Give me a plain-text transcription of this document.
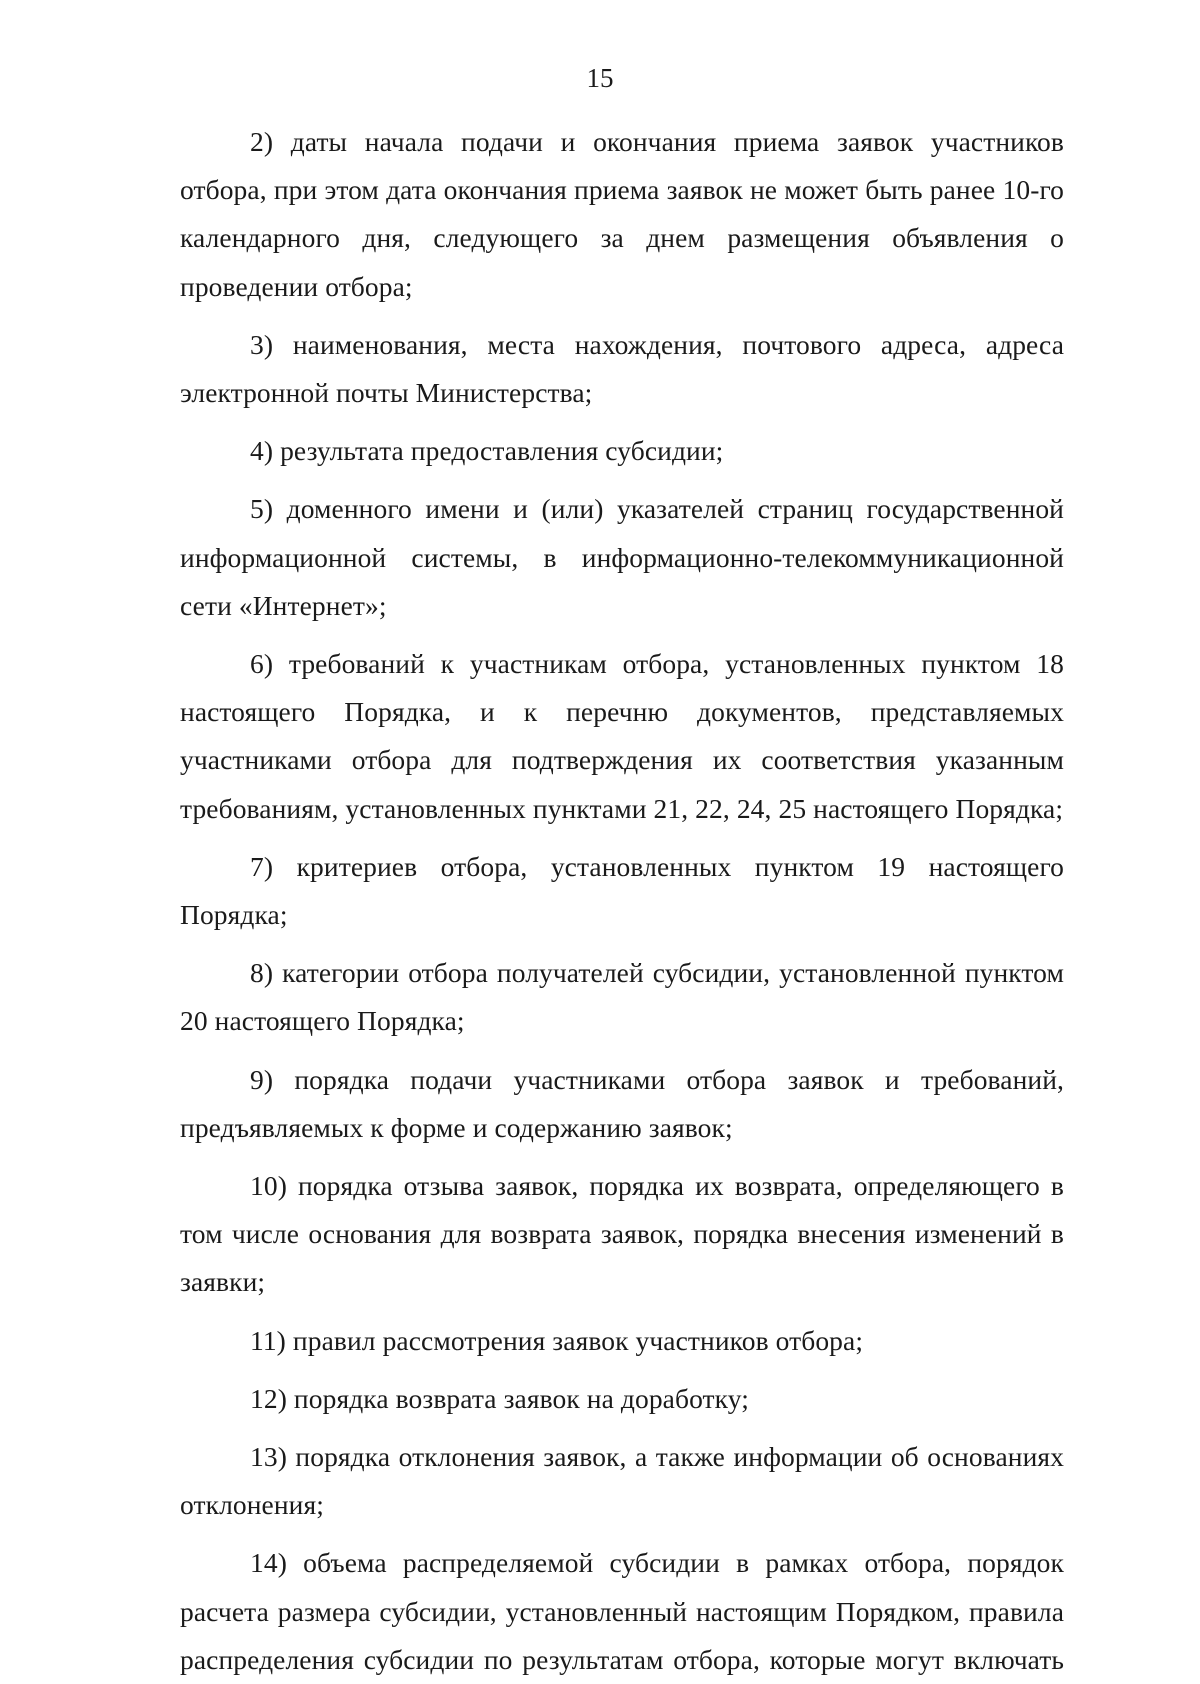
15

2) даты начала подачи и окончания приема заявок участников отбора, при этом дата окончания приема заявок не может быть ранее 10-го календарного дня, следующего за днем размещения объявления о проведении отбора;

3) наименования, места нахождения, почтового адреса, адреса электронной почты Министерства;

4) результата предоставления субсидии;

5) доменного имени и (или) указателей страниц государственной информационной системы, в информационно-телекоммуникационной сети «Интернет»;

6) требований к участникам отбора, установленных пунктом 18 настоящего Порядка, и к перечню документов, представляемых участниками отбора для подтверждения их соответствия указанным требованиям, установленных пунктами 21, 22, 24, 25 настоящего Порядка;

7) критериев отбора, установленных пунктом 19 настоящего Порядка;

8) категории отбора получателей субсидии, установленной пунктом 20 настоящего Порядка;

9) порядка подачи участниками отбора заявок и требований, предъявляемых к форме и содержанию заявок;

10) порядка отзыва заявок, порядка их возврата, определяющего в том числе основания для возврата заявок, порядка внесения изменений в заявки;

11) правил рассмотрения заявок участников отбора;

12) порядка возврата заявок на доработку;

13) порядка отклонения заявок, а также информации об основаниях отклонения;

14) объема распределяемой субсидии в рамках отбора, порядок расчета размера субсидии, установленный настоящим Порядком, правила распределения субсидии по результатам отбора, которые могут включать
